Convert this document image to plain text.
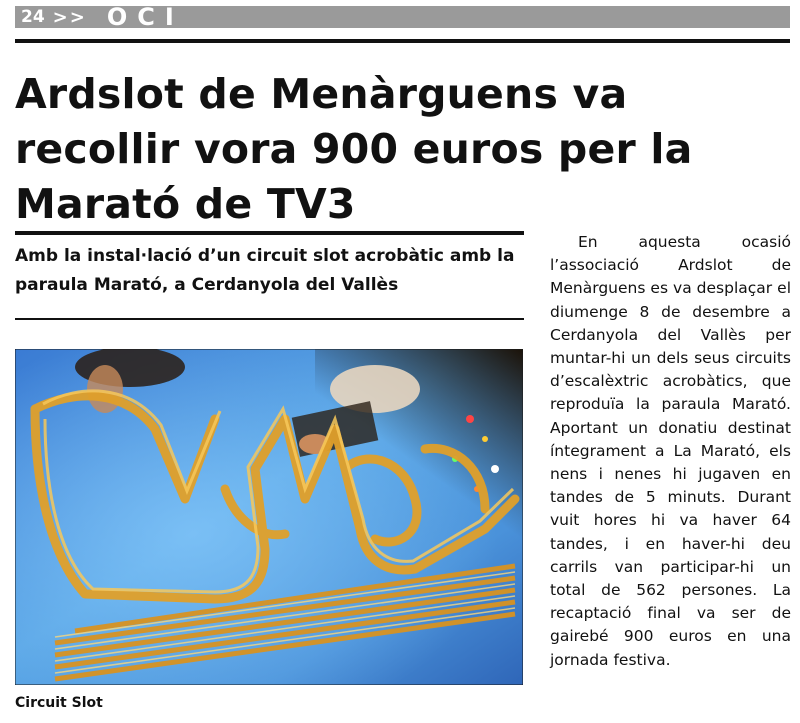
24 >> OCI
Ardslot de Menàrguens va recollir vora 900 euros per la Marató de TV3

Amb la instal·lació d’un circuit slot acrobàtic amb la paraula Marató, a Cerdanyola del Vallès

Circuit Slot

En aquesta ocasió l’associació Ardslot de Menàrguens es va desplaçar el diumenge 8 de desembre a Cerdanyola del Vallès per muntar-hi un dels seus circuits d’escalèxtric acrobàtics, que reproduïa la paraula Marató. Aportant un donatiu destinat íntegrament a La Marató, els nens i nenes hi jugaven en tandes de 5 minuts. Durant vuit hores hi va haver 64 tandes, i en haver-hi deu carrils van participar-hi un total de 562 persones. La recaptació final va ser de gairebé 900 euros en una jornada festiva.
